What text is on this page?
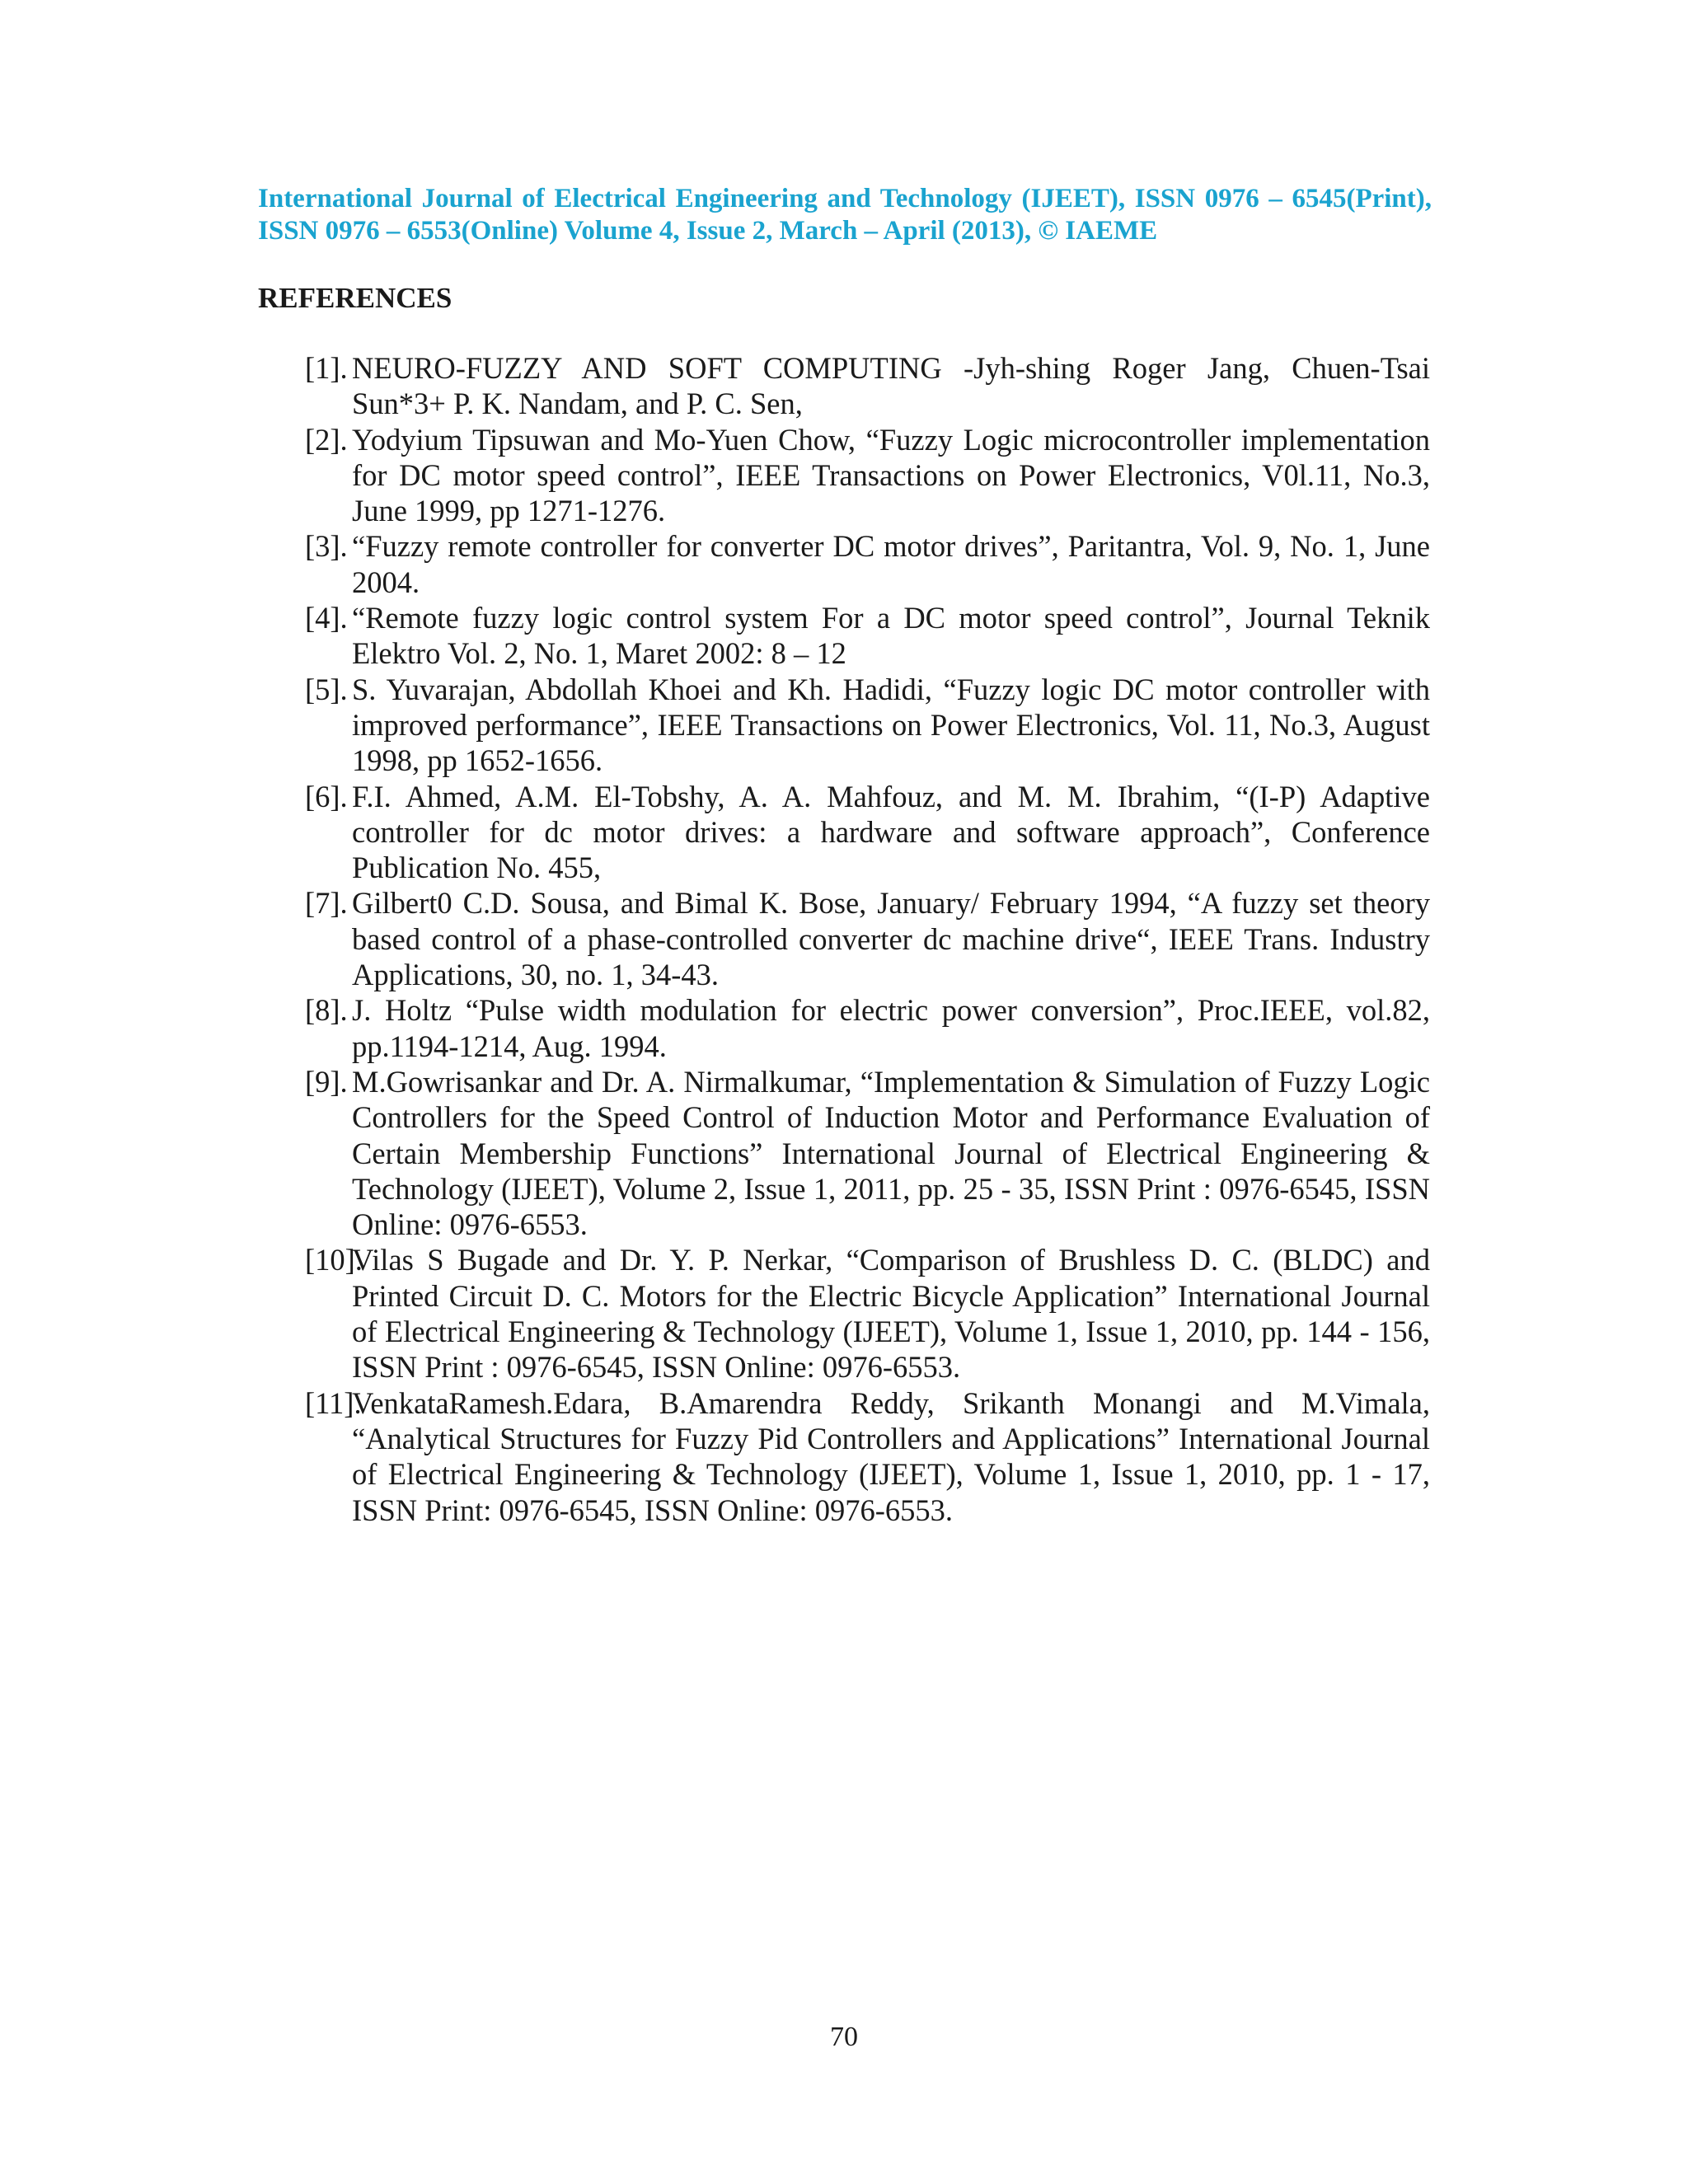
International Journal of Electrical Engineering and Technology (IJEET), ISSN 0976 – 6545(Print), ISSN 0976 – 6553(Online) Volume 4, Issue 2, March – April (2013), © IAEME
REFERENCES
[1]. NEURO-FUZZY AND SOFT COMPUTING -Jyh-shing Roger Jang, Chuen-Tsai Sun*3+ P. K. Nandam, and P. C. Sen,
[2]. Yodyium Tipsuwan and Mo-Yuen Chow, “Fuzzy Logic microcontroller implementation for DC motor speed control”, IEEE Transactions on Power Electronics, V0l.11, No.3, June 1999, pp 1271-1276.
[3]. “Fuzzy remote controller for converter DC motor drives”, Paritantra, Vol. 9, No. 1, June 2004.
[4]. “Remote fuzzy logic control system For a DC motor speed control”, Journal Teknik Elektro Vol. 2, No. 1, Maret 2002: 8 – 12
[5]. S. Yuvarajan, Abdollah Khoei and Kh. Hadidi, “Fuzzy logic DC motor controller with improved performance”, IEEE Transactions on Power Electronics, Vol. 11, No.3, August 1998, pp 1652-1656.
[6]. F.I. Ahmed, A.M. El-Tobshy, A. A. Mahfouz, and M. M. Ibrahim, “(I-P) Adaptive controller for dc motor drives: a hardware and software approach”, Conference Publication No. 455,
[7]. Gilbert0 C.D. Sousa, and Bimal K. Bose, January/ February 1994, “A fuzzy set theory based control of a phase-controlled converter dc machine drive“, IEEE Trans. Industry Applications, 30, no. 1, 34-43.
[8]. J. Holtz “Pulse width modulation for electric power conversion”, Proc.IEEE, vol.82, pp.1194-1214, Aug. 1994.
[9]. M.Gowrisankar and Dr. A. Nirmalkumar, “Implementation & Simulation of Fuzzy Logic Controllers for the Speed Control of Induction Motor and Performance Evaluation of Certain Membership Functions” International Journal of Electrical Engineering & Technology (IJEET), Volume 2, Issue 1, 2011, pp. 25 - 35, ISSN Print : 0976-6545, ISSN Online: 0976-6553.
[10].
Vilas S Bugade and Dr. Y. P. Nerkar, “Comparison of Brushless D. C. (BLDC) and Printed Circuit D. C. Motors for the Electric Bicycle Application” International Journal of Electrical Engineering & Technology (IJEET), Volume 1, Issue 1, 2010, pp. 144 - 156, ISSN Print : 0976-6545, ISSN Online: 0976-6553.
[11].
VenkataRamesh.Edara, B.Amarendra Reddy, Srikanth Monangi and M.Vimala, “Analytical Structures for Fuzzy Pid Controllers and Applications” International Journal of Electrical Engineering & Technology (IJEET), Volume 1, Issue 1, 2010, pp. 1 - 17, ISSN Print: 0976-6545, ISSN Online: 0976-6553.
70
